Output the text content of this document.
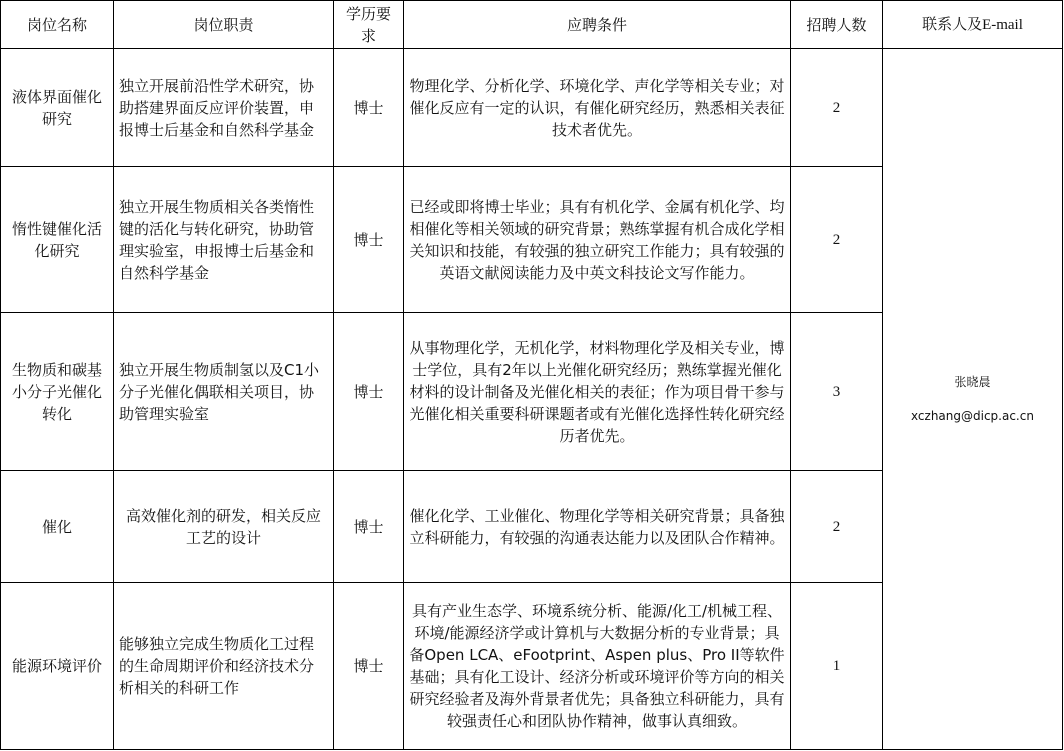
岗位名称	岗位职责	学历要求	应聘条件	招聘人数	联系人及E-mail
液体界面催化研究	独立开展前沿性学术研究，协助搭建界面反应评价装置，申报博士后基金和自然科学基金	博士	物理化学、分析化学、环境化学、声化学等相关专业；对催化反应有一定的认识，有催化研究经历，熟悉相关表征技术者优先。	2	张晓晨
xczhang@dicp.ac.cn

惰性键催化活化研究	独立开展生物质相关各类惰性键的活化与转化研究，协助管理实验室，申报博士后基金和自然科学基金	博士	已经或即将博士毕业；具有有机化学、金属有机化学、均相催化等相关领域的研究背景；熟练掌握有机合成化学相关知识和技能，有较强的独立研究工作能力；具有较强的英语文献阅读能力及中英文科技论文写作能力。	2	
生物质和碳基小分子光催化转化	独立开展生物质制氢以及C1小分子光催化偶联相关项目，协助管理实验室	博士	从事物理化学，无机化学，材料物理化学及相关专业，博士学位，具有2年以上光催化研究经历；熟练掌握光催化材料的设计制备及光催化相关的表征；作为项目骨干参与光催化相关重要科研课题者或有光催化选择性转化研究经历者优先。	3	
催化	高效催化剂的研发，相关反应工艺的设计	博士	催化化学、工业催化、物理化学等相关研究背景；具备独立科研能力，有较强的沟通表达能力以及团队合作精神。	2	
能源环境评价	能够独立完成生物质化工过程的生命周期评价和经济技术分析相关的科研工作	博士	具有产业生态学、环境系统分析、能源/化工/机械工程、环境/能源经济学或计算机与大数据分析的专业背景；具备Open LCA、eFootprint、Aspen plus、Pro II等软件基础；具有化工设计、经济分析或环境评价等方向的相关研究经验者及海外背景者优先；具备独立科研能力，具有较强责任心和团队协作精神，做事认真细致。	1	
